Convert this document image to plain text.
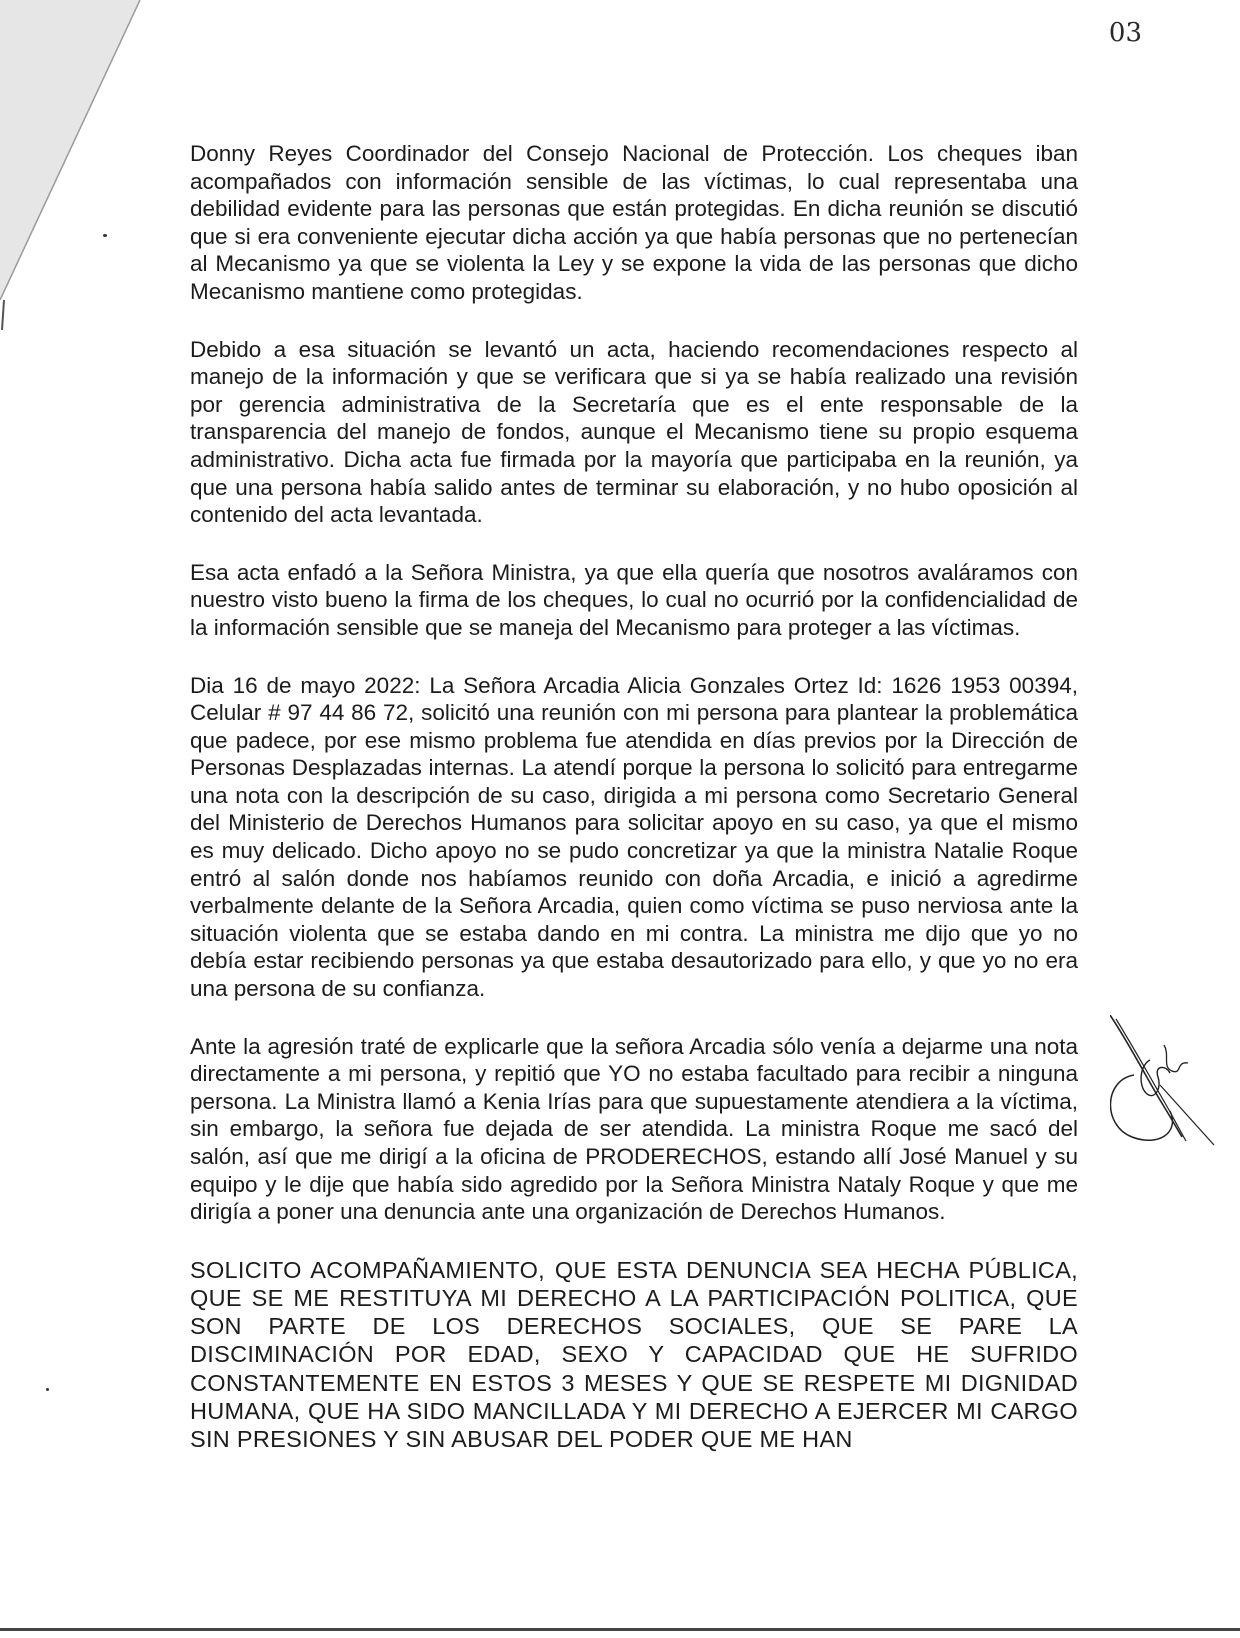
03

Donny Reyes Coordinador del Consejo Nacional de Protección. Los cheques iban acompañados con información sensible de las víctimas, lo cual representaba una debilidad evidente para las personas que están protegidas. En dicha reunión se discutió que si era conveniente ejecutar dicha acción ya que había personas que no pertenecían al Mecanismo ya que se violenta la Ley y se expone la vida de las personas que dicho Mecanismo mantiene como protegidas.

Debido a esa situación se levantó un acta, haciendo recomendaciones respecto al manejo de la información y que se verificara que si ya se había realizado una revisión por gerencia administrativa de la Secretaría que es el ente responsable de la transparencia del manejo de fondos, aunque el Mecanismo tiene su propio esquema administrativo. Dicha acta fue firmada por la mayoría que participaba en la reunión, ya que una persona había salido antes de terminar su elaboración, y no hubo oposición al contenido del acta levantada.

Esa acta enfadó a la Señora Ministra, ya que ella quería que nosotros avaláramos con nuestro visto bueno la firma de los cheques, lo cual no ocurrió por la confidencialidad de la información sensible que se maneja del Mecanismo para proteger a las víctimas.

Dia 16 de mayo 2022: La Señora Arcadia Alicia Gonzales Ortez Id: 1626 1953 00394, Celular # 97 44 86 72, solicitó una reunión con mi persona para plantear la problemática que padece, por ese mismo problema fue atendida en días previos por la Dirección de Personas Desplazadas internas. La atendí porque la persona lo solicitó para entregarme una nota con la descripción de su caso, dirigida a mi persona como Secretario General del Ministerio de Derechos Humanos para solicitar apoyo en su caso, ya que el mismo es muy delicado. Dicho apoyo no se pudo concretizar ya que la ministra Natalie Roque entró al salón donde nos habíamos reunido con doña Arcadia, e inició a agredirme verbalmente delante de la Señora Arcadia, quien como víctima se puso nerviosa ante la situación violenta que se estaba dando en mi contra. La ministra me dijo que yo no debía estar recibiendo personas ya que estaba desautorizado para ello, y que yo no era una persona de su confianza.

Ante la agresión traté de explicarle que la señora Arcadia sólo venía a dejarme una nota directamente a mi persona, y repitió que YO no estaba facultado para recibir a ninguna persona. La Ministra llamó a Kenia Irías para que supuestamente atendiera a la víctima, sin embargo, la señora fue dejada de ser atendida. La ministra Roque me sacó del salón, así que me dirigí a la oficina de PRODERECHOS, estando allí José Manuel y su equipo y le dije que había sido agredido por la Señora Ministra Nataly Roque y que me dirigía a poner una denuncia ante una organización de Derechos Humanos.

SOLICITO ACOMPAÑAMIENTO, QUE ESTA DENUNCIA SEA HECHA PÚBLICA, QUE SE ME RESTITUYA MI DERECHO A LA PARTICIPACIÓN POLITICA, QUE SON PARTE DE LOS DERECHOS SOCIALES, QUE SE PARE LA DISCIMINACIÓN POR EDAD, SEXO Y CAPACIDAD QUE HE SUFRIDO CONSTANTEMENTE EN ESTOS 3 MESES Y QUE SE RESPETE MI DIGNIDAD HUMANA, QUE HA SIDO MANCILLADA Y MI DERECHO A EJERCER MI CARGO SIN PRESIONES Y SIN ABUSAR DEL PODER QUE ME HAN
